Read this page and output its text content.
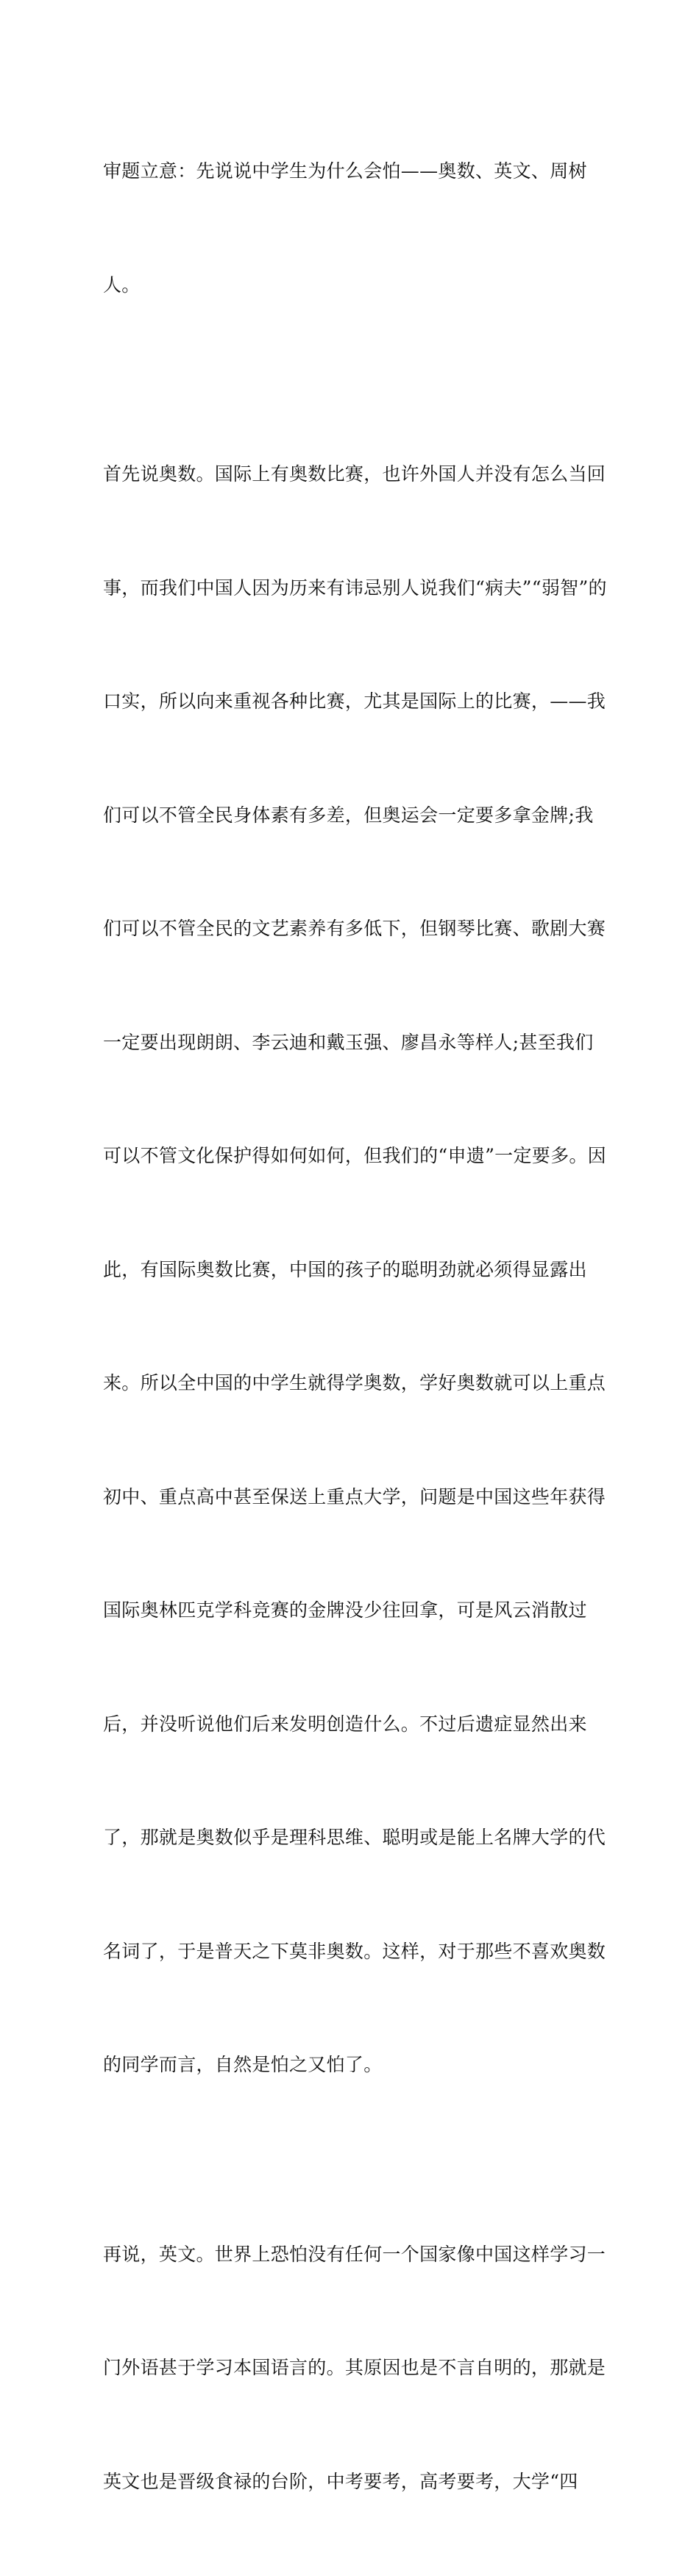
审题立意：先说说中学生为什么会怕——奥数、英文、周树

人。

首先说奥数。国际上有奥数比赛，也许外国人并没有怎么当回

事，而我们中国人因为历来有讳忌别人说我们“病夫”“弱智”的

口实，所以向来重视各种比赛，尤其是国际上的比赛，——我

们可以不管全民身体素有多差，但奥运会一定要多拿金牌;我

们可以不管全民的文艺素养有多低下，但钢琴比赛、歌剧大赛

一定要出现朗朗、李云迪和戴玉强、廖昌永等样人;甚至我们

可以不管文化保护得如何如何，但我们的“申遗”一定要多。因

此，有国际奥数比赛，中国的孩子的聪明劲就必须得显露出

来。所以全中国的中学生就得学奥数，学好奥数就可以上重点

初中、重点高中甚至保送上重点大学，问题是中国这些年获得

国际奥林匹克学科竞赛的金牌没少往回拿，可是风云消散过

后，并没听说他们后来发明创造什么。不过后遗症显然出来

了，那就是奥数似乎是理科思维、聪明或是能上名牌大学的代

名词了，于是普天之下莫非奥数。这样，对于那些不喜欢奥数

的同学而言，自然是怕之又怕了。

再说，英文。世界上恐怕没有任何一个国家像中国这样学习一

门外语甚于学习本国语言的。其原因也是不言自明的，那就是

英文也是晋级食禄的台阶，中考要考，高考要考，大学“四
